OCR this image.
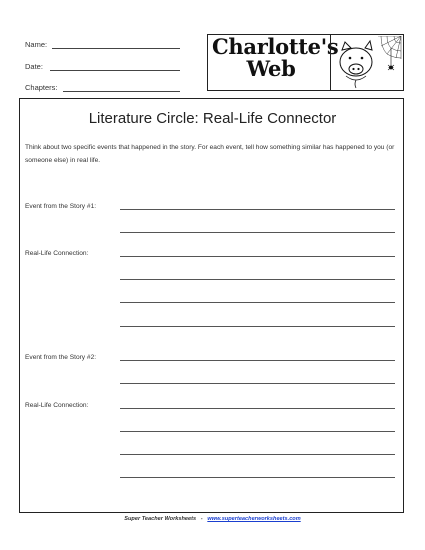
Name:
Date:
Chapters:
Charlotte's
Web
Literature Circle: Real-Life Connector
Think about two specific events that happened in the story. For each event, tell how something similar has happened to you (or someone else) in real life.
Event from the Story #1:
Real-Life Connection:
Event from the Story #2:
Real-Life Connection:
Super Teacher Worksheets - www.superteacherworksheets.com
